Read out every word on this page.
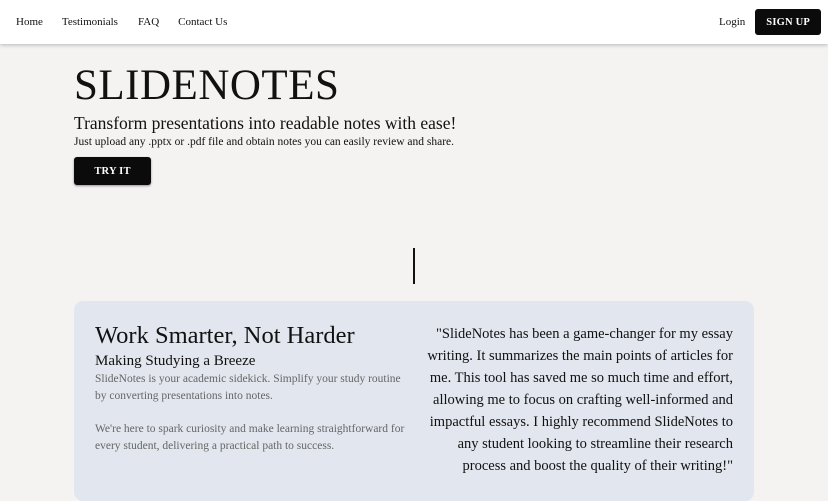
Home Testimonials FAQ Contact Us	Login	SIGN UP
SLIDENOTES

Transform presentations into readable notes with ease!

Just upload any .pptx or .pdf file and obtain notes you can easily review and share.

TRY IT
Work Smarter, Not Harder

Making Studying a Breeze

SlideNotes is your academic sidekick. Simplify your study routine by converting presentations into notes.

We're here to spark curiosity and make learning straightforward for every student, delivering a practical path to success.

"SlideNotes has been a game-changer for my essay writing. It summarizes the main points of articles for me. This tool has saved me so much time and effort, allowing me to focus on crafting well-informed and impactful essays. I highly recommend SlideNotes to any student looking to streamline their research process and boost the quality of their writing!"
